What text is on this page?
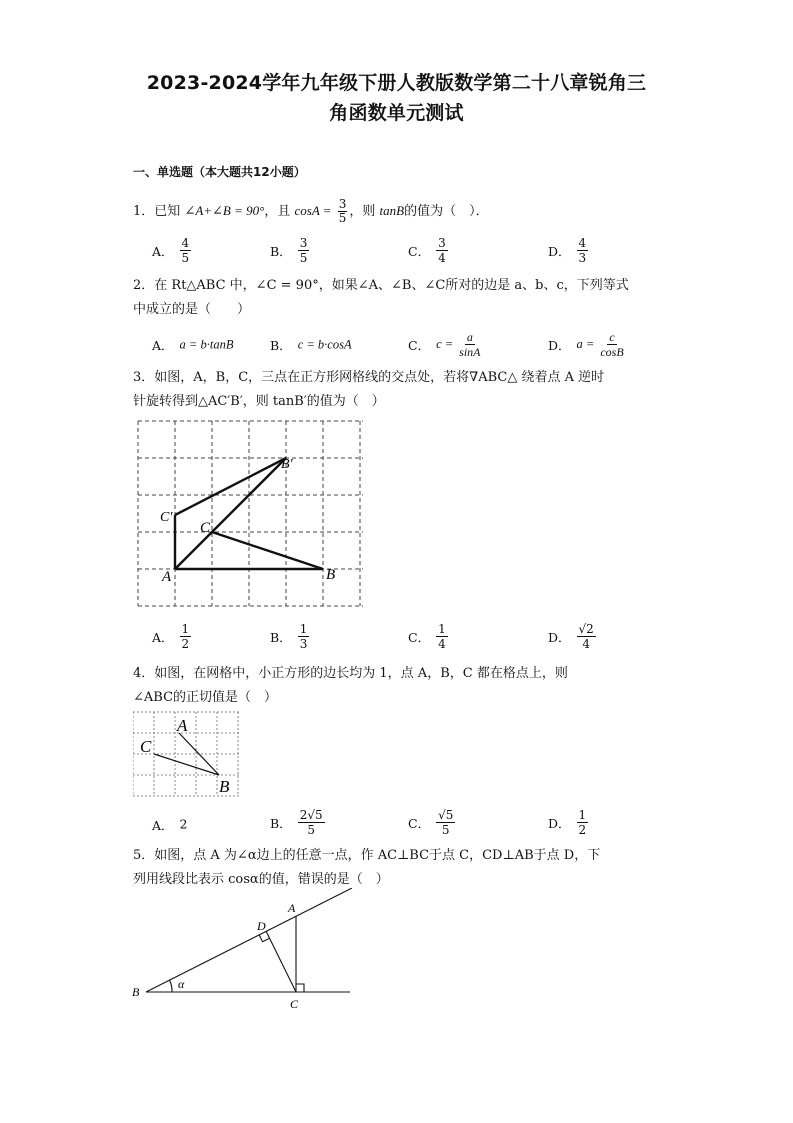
2023-2024学年九年级下册人教版数学第二十八章锐角三
角函数单元测试
一、单选题（本大题共12小题）
1．已知 ∠A+∠B = 90°，且 $\cos A = \frac{3}{5}$ ，则 tanB的值为（　）．
A． $\frac{4}{5}$	B． $\frac{3}{5}$	C． $\frac{3}{4}$	D． $\frac{4}{3}$
2．在 Rt△ABC 中，∠C = 90°，如果∠A、∠B、∠C所对的边是 a、b、c，下列等式
中成立的是（　　）
A． a = b·tanB	B． c = b·cosA	C． $c = \frac{a}{\sin A}$	D． $a = \frac{c}{\cos B}$
3．如图，A，B，C，三点在正方形网格线的交点处，若将∇ABC△ 绕着点 A 逆时
针旋转得到△AC′B′，则 tanB′的值为（　）
B′
C′
C
A	B
A． $\frac{1}{2}$	B． $\frac{1}{3}$	C． $\frac{1}{4}$	D． $\frac{√2}{4}$
4．如图，在网格中，小正方形的边长均为 1，点 A，B，C 都在格点上，则
∠ABC的正切值是（　）
A
C
B
A． 2	B． $\frac{2√5}{5}$	C． $\frac{√5}{5}$	D． $\frac{1}{2}$
5．如图，点 A 为∠α边上的任意一点，作 AC⊥BC于点 C，CD⊥AB于点 D，下
列用线段比表示 cosα的值，错误的是（　）
A
D
B
α
C
